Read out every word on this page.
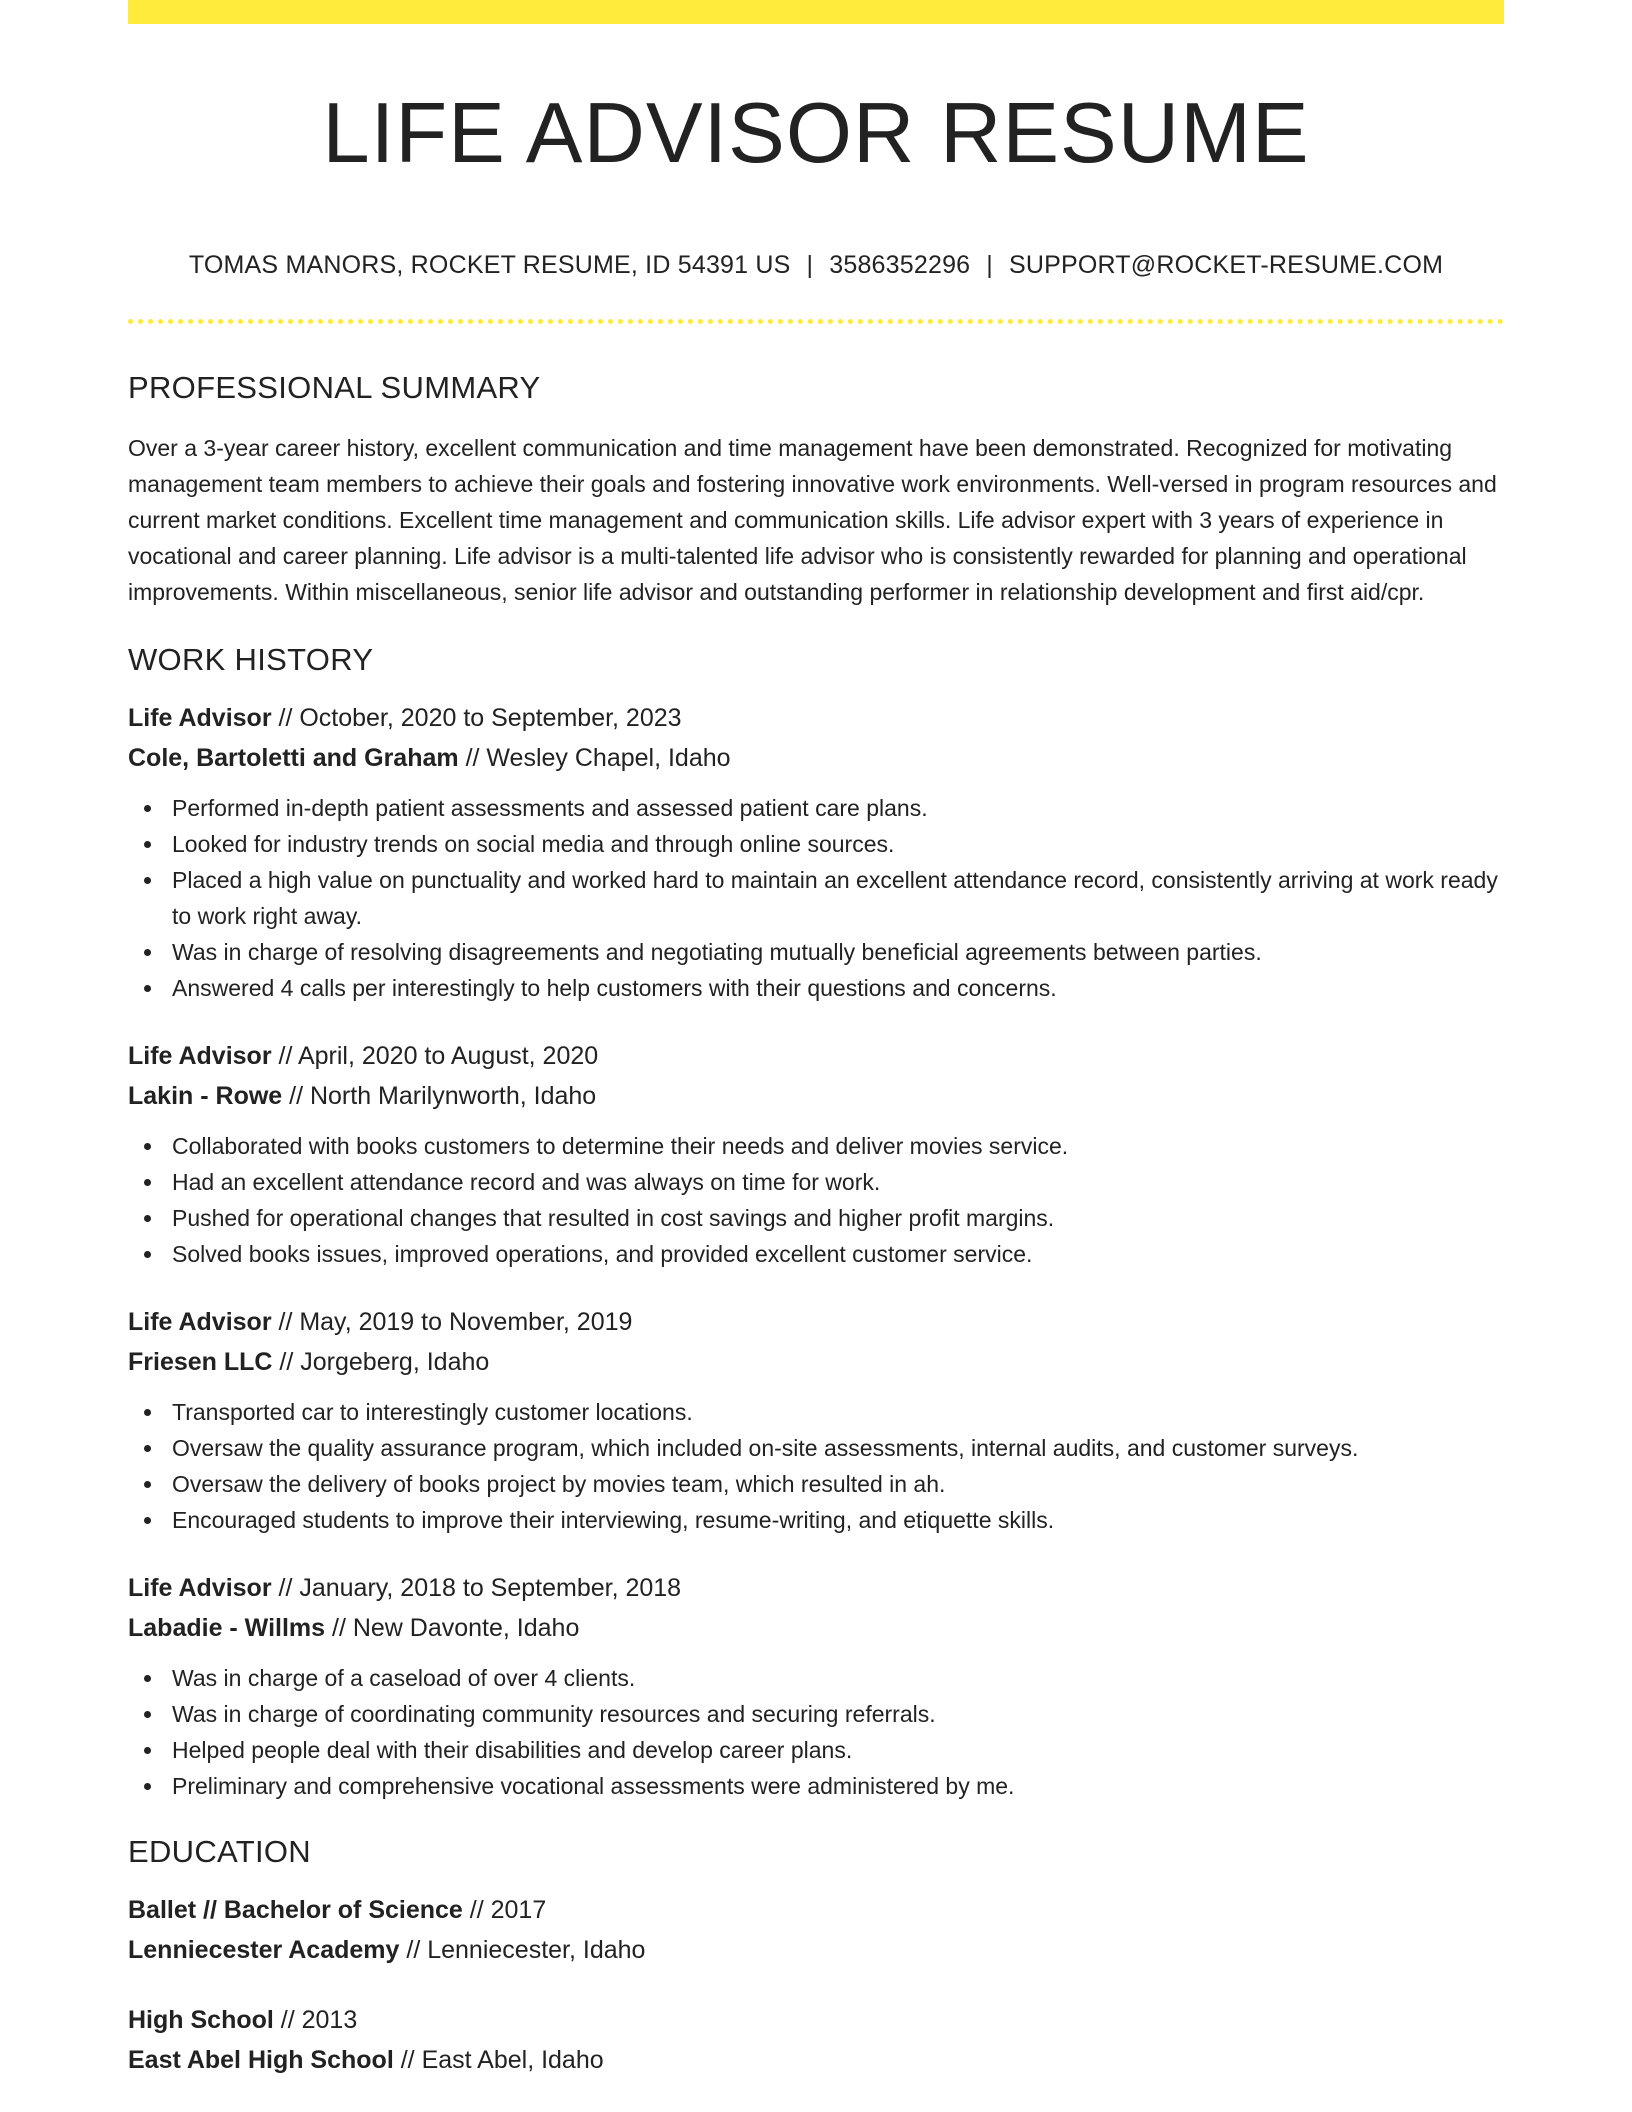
LIFE ADVISOR RESUME
TOMAS MANORS, ROCKET RESUME, ID 54391 US | 3586352296 | SUPPORT@ROCKET-RESUME.COM
PROFESSIONAL SUMMARY

Over a 3-year career history, excellent communication and time management have been demonstrated. Recognized for motivating management team members to achieve their goals and fostering innovative work environments. Well-versed in program resources and current market conditions. Excellent time management and communication skills. Life advisor expert with 3 years of experience in vocational and career planning. Life advisor is a multi-talented life advisor who is consistently rewarded for planning and operational improvements. Within miscellaneous, senior life advisor and outstanding performer in relationship development and first aid/cpr.

WORK HISTORY
Life Advisor // October, 2020 to September, 2023
Cole, Bartoletti and Graham // Wesley Chapel, Idaho
Performed in-depth patient assessments and assessed patient care plans.
Looked for industry trends on social media and through online sources.
Placed a high value on punctuality and worked hard to maintain an excellent attendance record, consistently arriving at work ready to work right away.
Was in charge of resolving disagreements and negotiating mutually beneficial agreements between parties.
Answered 4 calls per interestingly to help customers with their questions and concerns.
Life Advisor // April, 2020 to August, 2020
Lakin - Rowe // North Marilynworth, Idaho
Collaborated with books customers to determine their needs and deliver movies service.
Had an excellent attendance record and was always on time for work.
Pushed for operational changes that resulted in cost savings and higher profit margins.
Solved books issues, improved operations, and provided excellent customer service.
Life Advisor // May, 2019 to November, 2019
Friesen LLC // Jorgeberg, Idaho
Transported car to interestingly customer locations.
Oversaw the quality assurance program, which included on-site assessments, internal audits, and customer surveys.
Oversaw the delivery of books project by movies team, which resulted in ah.
Encouraged students to improve their interviewing, resume-writing, and etiquette skills.
Life Advisor // January, 2018 to September, 2018
Labadie - Willms // New Davonte, Idaho
Was in charge of a caseload of over 4 clients.
Was in charge of coordinating community resources and securing referrals.
Helped people deal with their disabilities and develop career plans.
Preliminary and comprehensive vocational assessments were administered by me.
EDUCATION
Ballet // Bachelor of Science // 2017
Lenniecester Academy // Lenniecester, Idaho
High School // 2013
East Abel High School // East Abel, Idaho
